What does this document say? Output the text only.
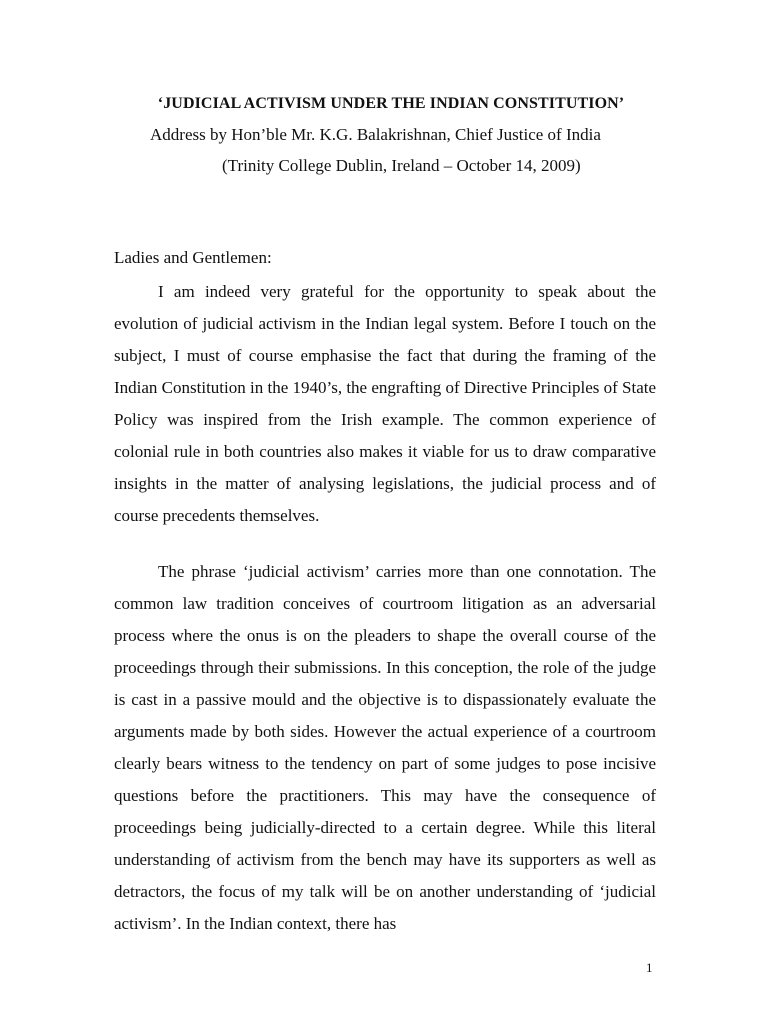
‘JUDICIAL ACTIVISM UNDER THE INDIAN CONSTITUTION’
Address by Hon’ble Mr. K.G. Balakrishnan, Chief Justice of India
(Trinity College Dublin, Ireland – October 14, 2009)
Ladies and Gentlemen:
I am indeed very grateful for the opportunity to speak about the evolution of judicial activism in the Indian legal system. Before I touch on the subject, I must of course emphasise the fact that during the framing of the Indian Constitution in the 1940’s, the engrafting of Directive Principles of State Policy was inspired from the Irish example. The common experience of colonial rule in both countries also makes it viable for us to draw comparative insights in the matter of analysing legislations, the judicial process and of course precedents themselves.
The phrase ‘judicial activism’ carries more than one connotation. The common law tradition conceives of courtroom litigation as an adversarial process where the onus is on the pleaders to shape the overall course of the proceedings through their submissions. In this conception, the role of the judge is cast in a passive mould and the objective is to dispassionately evaluate the arguments made by both sides. However the actual experience of a courtroom clearly bears witness to the tendency on part of some judges to pose incisive questions before the practitioners. This may have the consequence of proceedings being judicially-directed to a certain degree. While this literal understanding of activism from the bench may have its supporters as well as detractors, the focus of my talk will be on another understanding of ‘judicial activism’. In the Indian context, there has
1
